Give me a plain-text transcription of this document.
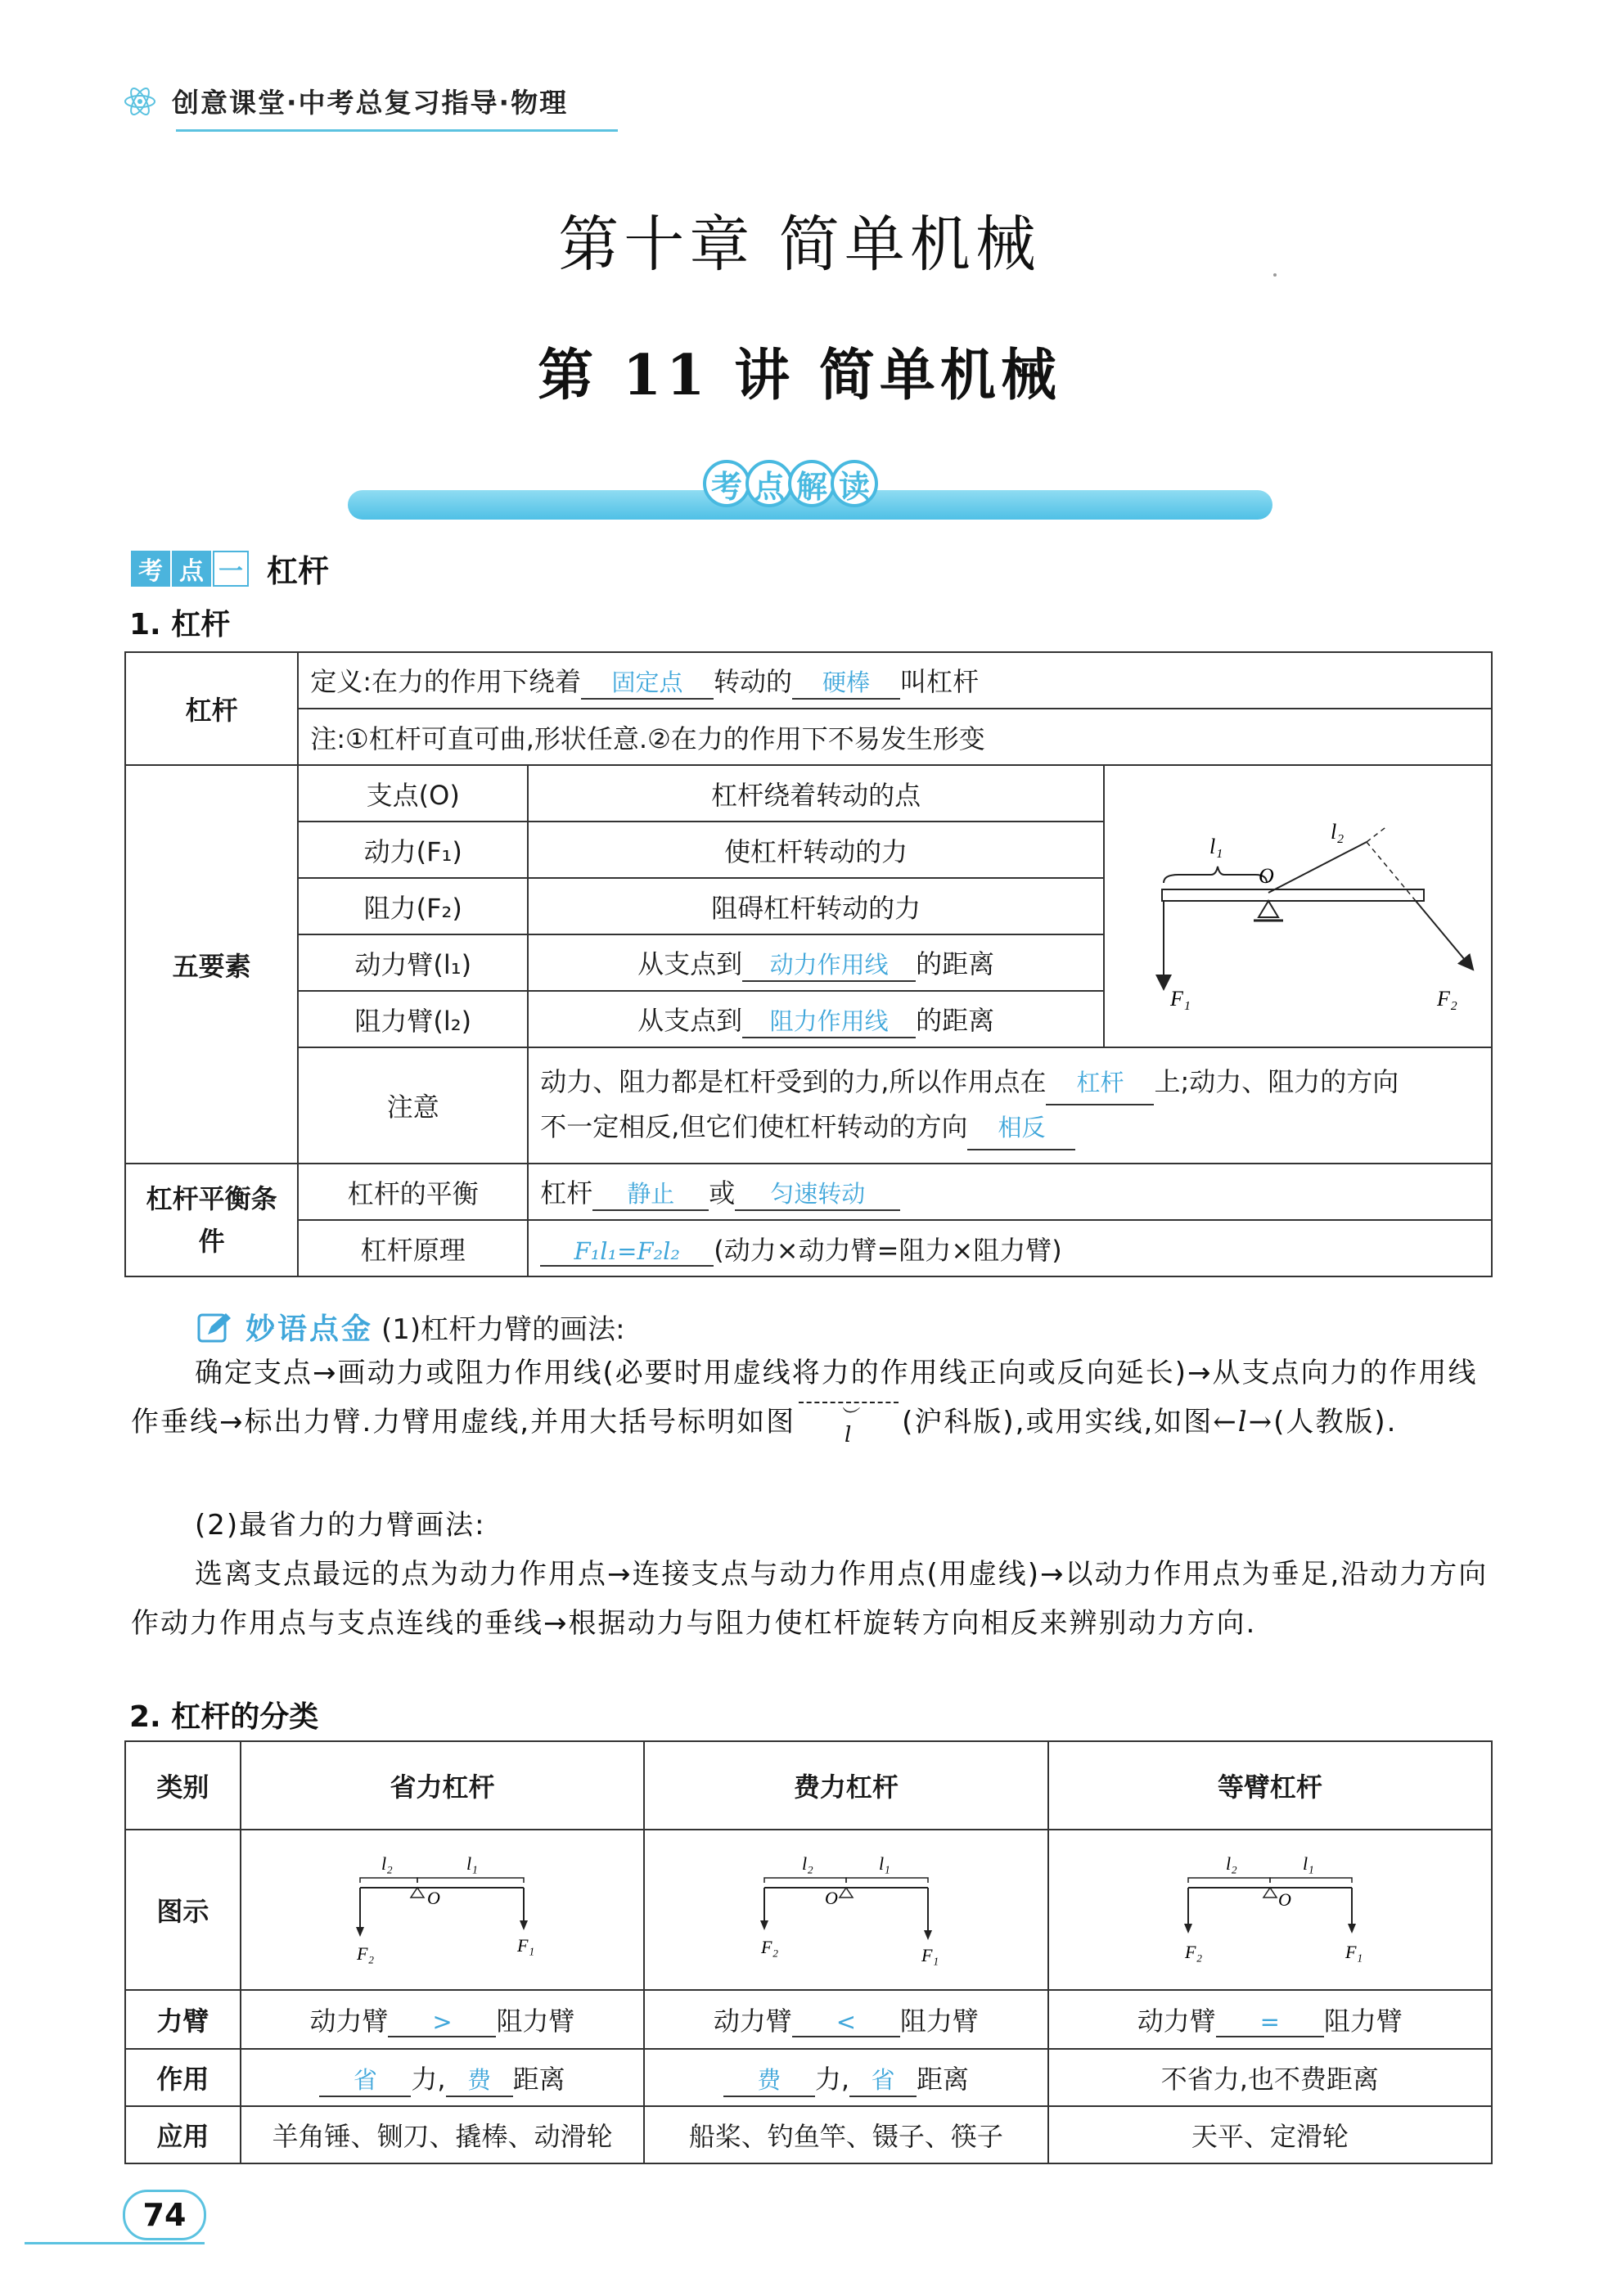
创意课堂·中考总复习指导·物理
第十章 简单机械
第 11 讲 简单机械
考 点 解 读
考 点 一 杠杆
1. 杠杆
杠杆	定义:在力的作用下绕着 固定点 转动的 硬棒 叫杠杆		
	注:①杠杆可直可曲,形状任意.②在力的作用下不易发生形变		
五要素	支点(O)	杠杆绕着转动的点	l₁
O
l₂
F₁ F₂

	动力(F₁)	使杠杆转动的力	
	阻力(F₂)	阻碍杠杆转动的力	
	动力臂(l₁)	从支点到 动力作用线 的距离	
	阻力臂(l₂)	从支点到 阻力作用线 的距离	
	注意	动力、阻力都是杠杆受到的力,所以作用点在 杠杆 上;动力、阻力的方向
不一定相反,但它们使杠杆转动的方向 相反	
杠杆平衡条件	杠杆的平衡	杠杆 静止 或 匀速转动	
	杠杆原理	F₁l₁=F₂l₂ (动力×动力臂=阻力×阻力臂)	
妙语点金 (1)杠杆力臂的画法:
确定支点→画动力或阻力作用线(必要时用虚线将力的作用线正向或反向延长)→从支点向力的作用线作垂线→标出力臂.力臂用虚线,并用大括号标明如图	︶
l	(沪科版),或用实线,如图←l→(人教版).
(2)最省力的力臂画法:
选离支点最远的点为动力作用点→连接支点与动力作用点(用虚线)→以动力作用点为垂足,沿动力方向作动力作用点与支点连线的垂线→根据动力与阻力使杠杆旋转方向相反来辨别动力方向.
2. 杠杆的分类
类别	省力杠杆	费力杠杆	等臂杠杆
图示	l₂ l₁
O
F₂ F₁	l₂ l₁
O
F₂ F₁	l₂ l₁
O
F₂ F₁

力臂	动力臂 > 阻力臂	动力臂 < 阻力臂	动力臂 = 阻力臂
作用	省 力, 费 距离	费 力, 省 距离	不省力,也不费距离
应用	羊角锤、铡刀、撬棒、动滑轮	船桨、钓鱼竿、镊子、筷子	天平、定滑轮
74
